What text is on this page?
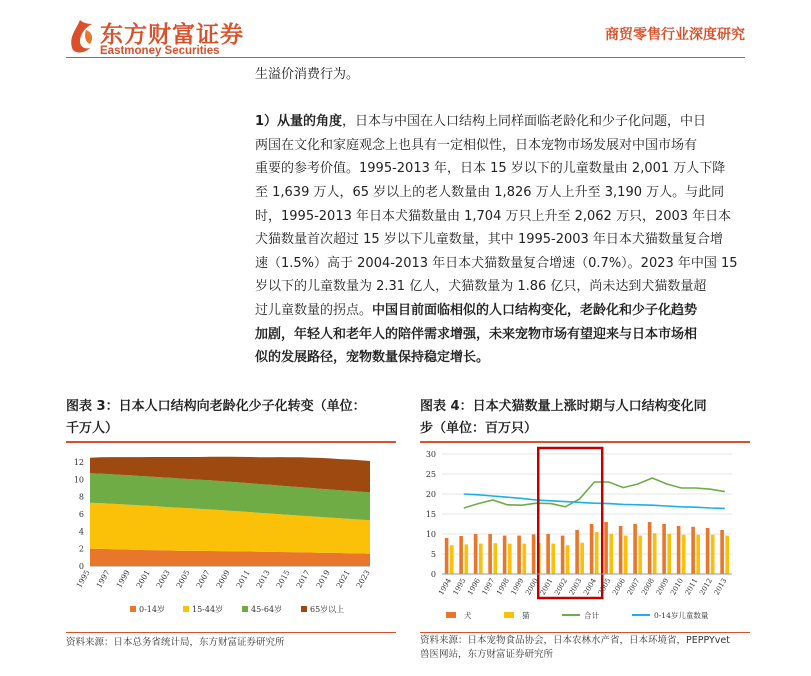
东方财富证券
Eastmoney Securities
商贸零售行业深度研究
生溢价消费行为。
1）从量的角度，日本与中国在人口结构上同样面临老龄化和少子化问题，中日
两国在文化和家庭观念上也具有一定相似性，日本宠物市场发展对中国市场有
重要的参考价值。1995-2013 年，日本 15 岁以下的儿童数量由 2,001 万人下降
至 1,639 万人，65 岁以上的老人数量由 1,826 万人上升至 3,190 万人。与此同
时，1995-2013 年日本犬猫数量由 1,704 万只上升至 2,062 万只，2003 年日本
犬猫数量首次超过 15 岁以下儿童数量，其中 1995-2003 年日本犬猫数量复合增
速（1.5%）高于 2004-2013 年日本犬猫数量复合增速（0.7%）。2023 年中国 15
岁以下的儿童数量为 2.31 亿人，犬猫数量为 1.86 亿只，尚未达到犬猫数量超
过儿童数量的拐点。中国目前面临相似的人口结构变化，老龄化和少子化趋势
加剧，年轻人和老年人的陪伴需求增强，未来宠物市场有望迎来与日本市场相
似的发展路径，宠物数量保持稳定增长。
图表 3：日本人口结构向老龄化少子化转变（单位：
千万人）
0
2
4
6
8
10
12
1995 1997 1999 2001 2003 2005 2007 2009 2011 2013 2015 2017 2019 2021 2023
0-14岁	15-44岁	45-64岁	65岁以上
资料来源：日本总务省统计局，东方财富证券研究所
图表 4：日本犬猫数量上涨时期与人口结构变化同
步（单位：百万只）
0
5
10
15
20
25
30
1994
1995
1996
1997
1998
1999
2000
2001
2002
2003
2004
2005
2006
2007
2008
2009
2010
2011
2012
2013
犬	猫	合计	0-14岁儿童数量
资料来源：日本宠物食品协会，日本农林水产省，日本环境省，PEPPYvet
兽医网站，东方财富证券研究所
